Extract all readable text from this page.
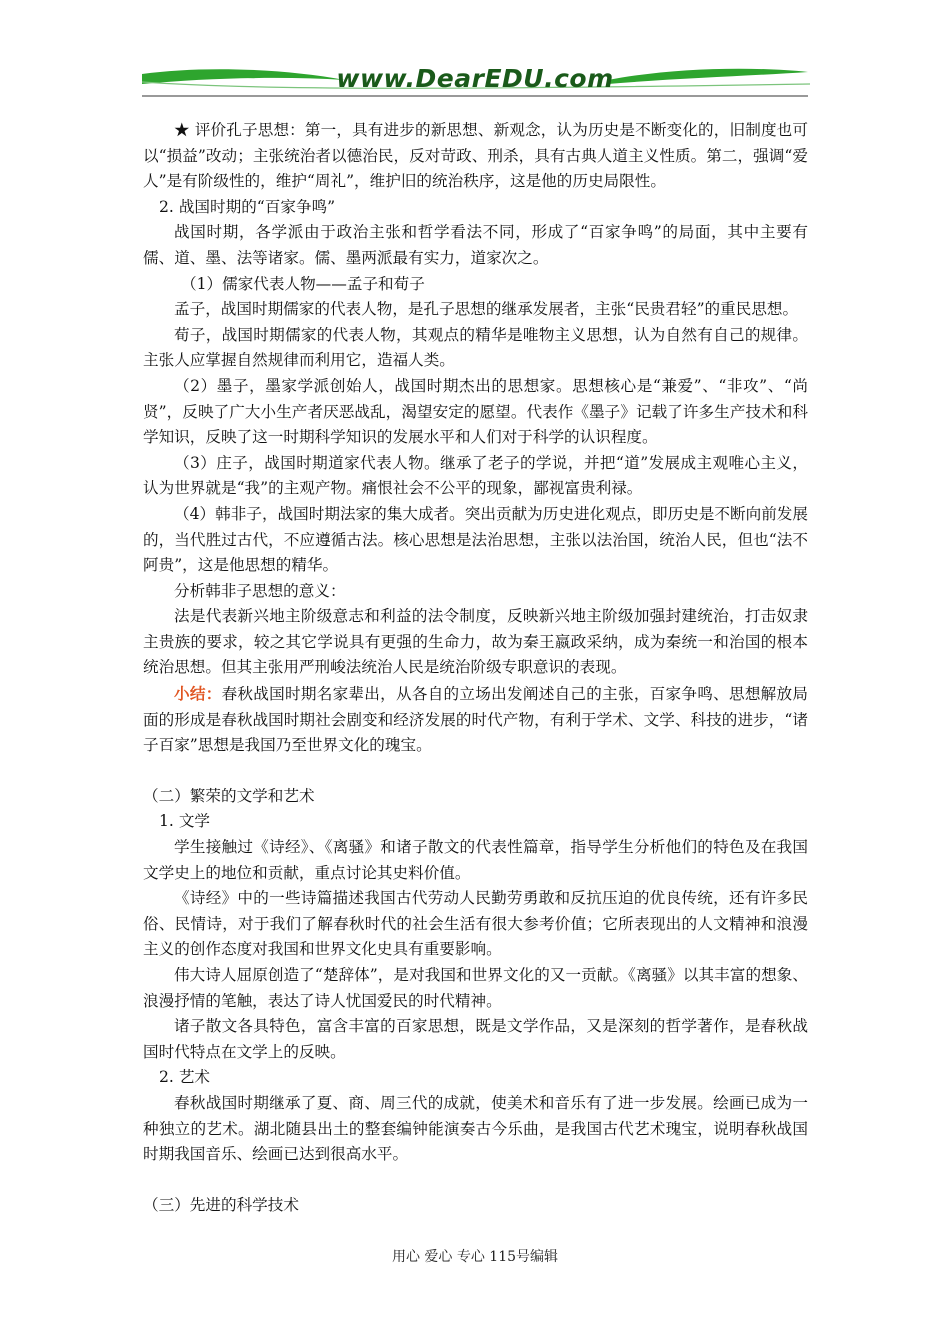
www.DearEDU.com

★ 评价孔子思想：第一，具有进步的新思想、新观念，认为历史是不断变化的，旧制度也可以“损益”改动；主张统治者以德治民，反对苛政、刑杀，具有古典人道主义性质。第二，强调“爱人”是有阶级性的，维护“周礼”，维护旧的统治秩序，这是他的历史局限性。

2. 战国时期的“百家争鸣”

战国时期，各学派由于政治主张和哲学看法不同，形成了“百家争鸣”的局面，其中主要有儒、道、墨、法等诸家。儒、墨两派最有实力，道家次之。

（1）儒家代表人物——孟子和荀子

孟子，战国时期儒家的代表人物，是孔子思想的继承发展者，主张“民贵君轻”的重民思想。

荀子，战国时期儒家的代表人物，其观点的精华是唯物主义思想，认为自然有自己的规律。主张人应掌握自然规律而利用它，造福人类。

（2）墨子，墨家学派创始人，战国时期杰出的思想家。思想核心是“兼爱”、“非攻”、“尚贤”，反映了广大小生产者厌恶战乱，渴望安定的愿望。代表作《墨子》记载了许多生产技术和科学知识，反映了这一时期科学知识的发展水平和人们对于科学的认识程度。

（3）庄子，战国时期道家代表人物。继承了老子的学说，并把“道”发展成主观唯心主义，认为世界就是“我”的主观产物。痛恨社会不公平的现象，鄙视富贵利禄。

（4）韩非子，战国时期法家的集大成者。突出贡献为历史进化观点，即历史是不断向前发展的，当代胜过古代，不应遵循古法。核心思想是法治思想，主张以法治国，统治人民，但也“法不阿贵”，这是他思想的精华。

分析韩非子思想的意义：

法是代表新兴地主阶级意志和利益的法令制度，反映新兴地主阶级加强封建统治，打击奴隶主贵族的要求，较之其它学说具有更强的生命力，故为秦王嬴政采纳，成为秦统一和治国的根本统治思想。但其主张用严刑峻法统治人民是统治阶级专职意识的表现。

小结：春秋战国时期名家辈出，从各自的立场出发阐述自己的主张，百家争鸣、思想解放局面的形成是春秋战国时期社会剧变和经济发展的时代产物，有利于学术、文学、科技的进步，“诸子百家”思想是我国乃至世界文化的瑰宝。

（二）繁荣的文学和艺术

1. 文学

学生接触过《诗经》、《离骚》和诸子散文的代表性篇章，指导学生分析他们的特色及在我国文学史上的地位和贡献，重点讨论其史料价值。

《诗经》中的一些诗篇描述我国古代劳动人民勤劳勇敢和反抗压迫的优良传统，还有许多民俗、民情诗，对于我们了解春秋时代的社会生活有很大参考价值；它所表现出的人文精神和浪漫主义的创作态度对我国和世界文化史具有重要影响。

伟大诗人屈原创造了“楚辞体”，是对我国和世界文化的又一贡献。《离骚》以其丰富的想象、浪漫抒情的笔触，表达了诗人忧国爱民的时代精神。

诸子散文各具特色，富含丰富的百家思想，既是文学作品，又是深刻的哲学著作，是春秋战国时代特点在文学上的反映。

2. 艺术

春秋战国时期继承了夏、商、周三代的成就，使美术和音乐有了进一步发展。绘画已成为一种独立的艺术。湖北随县出土的整套编钟能演奏古今乐曲，是我国古代艺术瑰宝，说明春秋战国时期我国音乐、绘画已达到很高水平。

（三）先进的科学技术

用心 爱心 专心 115号编辑
